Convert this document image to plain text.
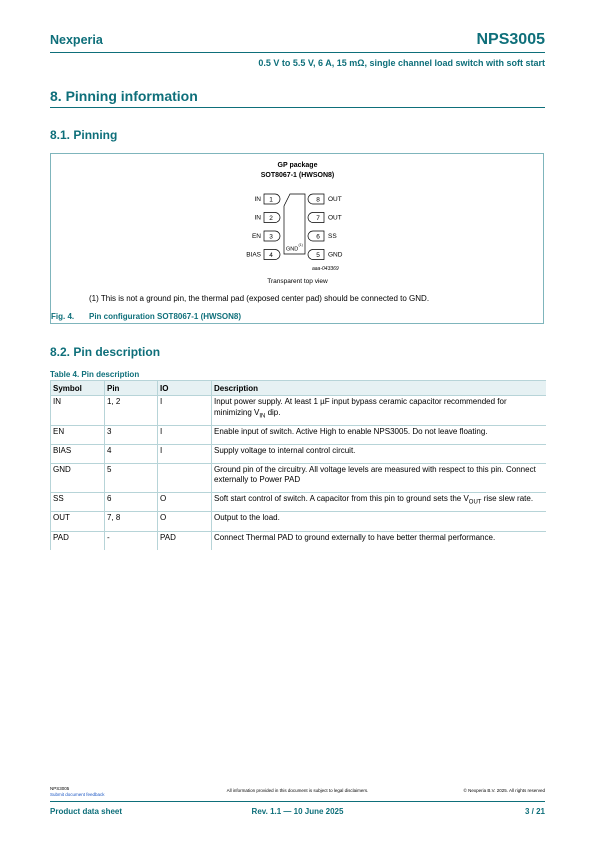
Nexperia	NPS3005
0.5 V to 5.5 V, 6 A, 15 mΩ, single channel load switch with soft start
8. Pinning information
8.1. Pinning
GP package
SOT8067-1 (HWSON8)
IN
IN
EN
BIAS
1
2
3
4
GND
(1)
8
7
6
5
OUT
OUT
SS
GND
aaa-043369
Transparent top view
(1) This is not a ground pin, the thermal pad (exposed center pad) should be connected to GND.
Fig. 4. Pin configuration SOT8067-1 (HWSON8)
8.2. Pin description
Table 4. Pin description
Symbol	Pin	IO	Description
IN	1, 2	I	Input power supply. At least 1 µF input bypass ceramic capacitor recommended for minimizing $V_{IN}$ dip.
EN	3	I	Enable input of switch. Active High to enable NPS3005. Do not leave floating.
BIAS	4	I	Supply voltage to internal control circuit.
GND	5		Ground pin of the circuitry. All voltage levels are measured with respect to this pin. Connect externally to Power PAD
SS	6	O	Soft start control of switch. A capacitor from this pin to ground sets the $V_{OUT}$ rise slew rate.
OUT	7, 8	O	Output to the load.
PAD	-	PAD	Connect Thermal PAD to ground externally to have better thermal performance.
NPS3005
Submit document feedback
All information provided in this document is subject to legal disclaimers.	© Nexperia B.V. 2025. All rights reserved
Product data sheet	Rev. 1.1 — 10 June 2025	3 / 21
